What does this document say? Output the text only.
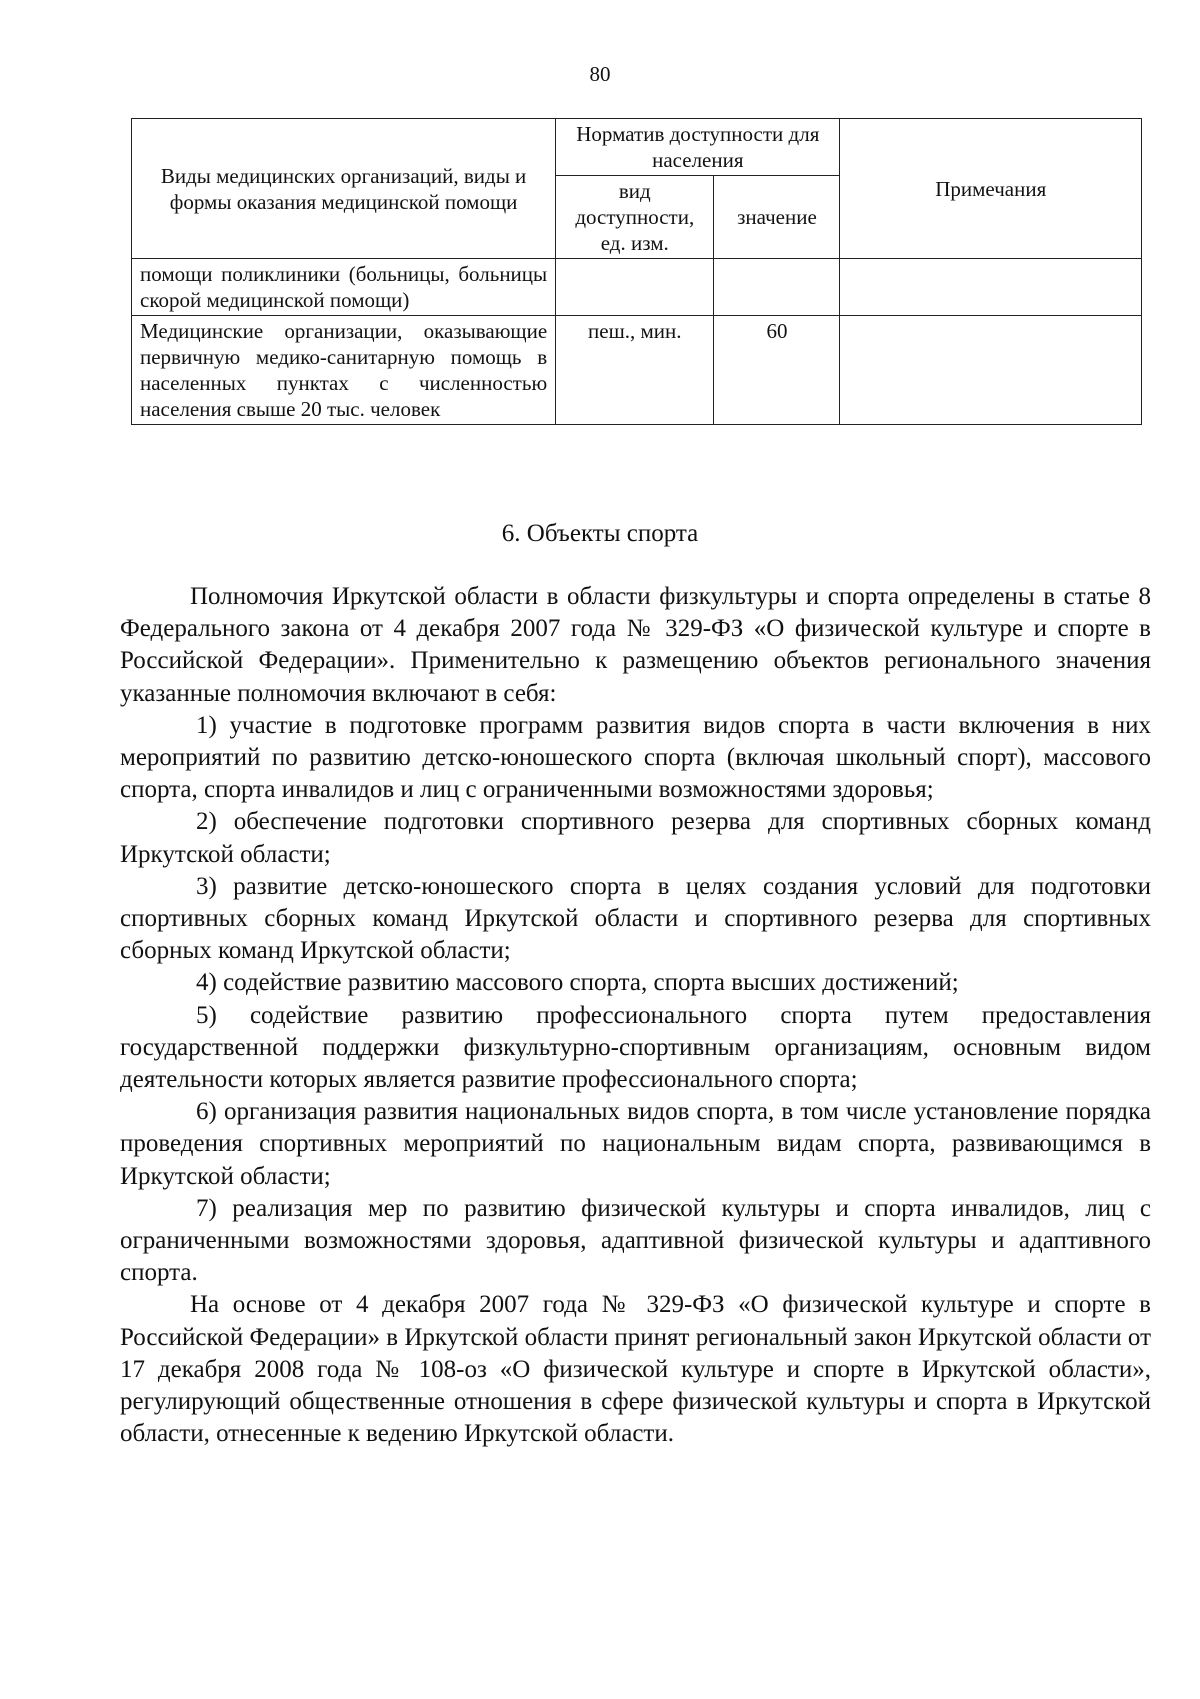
80
Виды медицинских организаций, виды и формы оказания медицинской помощи	Норматив доступности для населения		Примечания
	вид доступности, ед. изм.	значение	
помощи поликлиники (больницы, больницы скорой медицинской помощи)			
Медицинские организации, оказывающие первичную медико-санитарную помощь в населенных пунктах с численностью населения свыше 20 тыс. человек	пеш., мин.	60	
6. Объекты спорта

Полномочия Иркутской области в области физкультуры и спорта определены в статье 8 Федерального закона от 4 декабря 2007 года № 329-ФЗ «О физической культуре и спорте в Российской Федерации». Применительно к размещению объектов регионального значения указанные полномочия включают в себя:

1) участие в подготовке программ развития видов спорта в части включения в них мероприятий по развитию детско-юношеского спорта (включая школьный спорт), массового спорта, спорта инвалидов и лиц с ограниченными возможностями здоровья;

2) обеспечение подготовки спортивного резерва для спортивных сборных команд Иркутской области;

3) развитие детско-юношеского спорта в целях создания условий для подготовки спортивных сборных команд Иркутской области и спортивного резерва для спортивных сборных команд Иркутской области;

4) содействие развитию массового спорта, спорта высших достижений;

5) содействие развитию профессионального спорта путем предоставления государственной поддержки физкультурно-спортивным организациям, основным видом деятельности которых является развитие профессионального спорта;

6) организация развития национальных видов спорта, в том числе установление порядка проведения спортивных мероприятий по национальным видам спорта, развивающимся в Иркутской области;

7) реализация мер по развитию физической культуры и спорта инвалидов, лиц с ограниченными возможностями здоровья, адаптивной физической культуры и адаптивного спорта.

На основе от 4 декабря 2007 года № 329-ФЗ «О физической культуре и спорте в Российской Федерации» в Иркутской области принят региональный закон Иркутской области от 17 декабря 2008 года № 108-оз «О физической культуре и спорте в Иркутской области», регулирующий общественные отношения в сфере физической культуры и спорта в Иркутской области, отнесенные к ведению Иркутской области.
